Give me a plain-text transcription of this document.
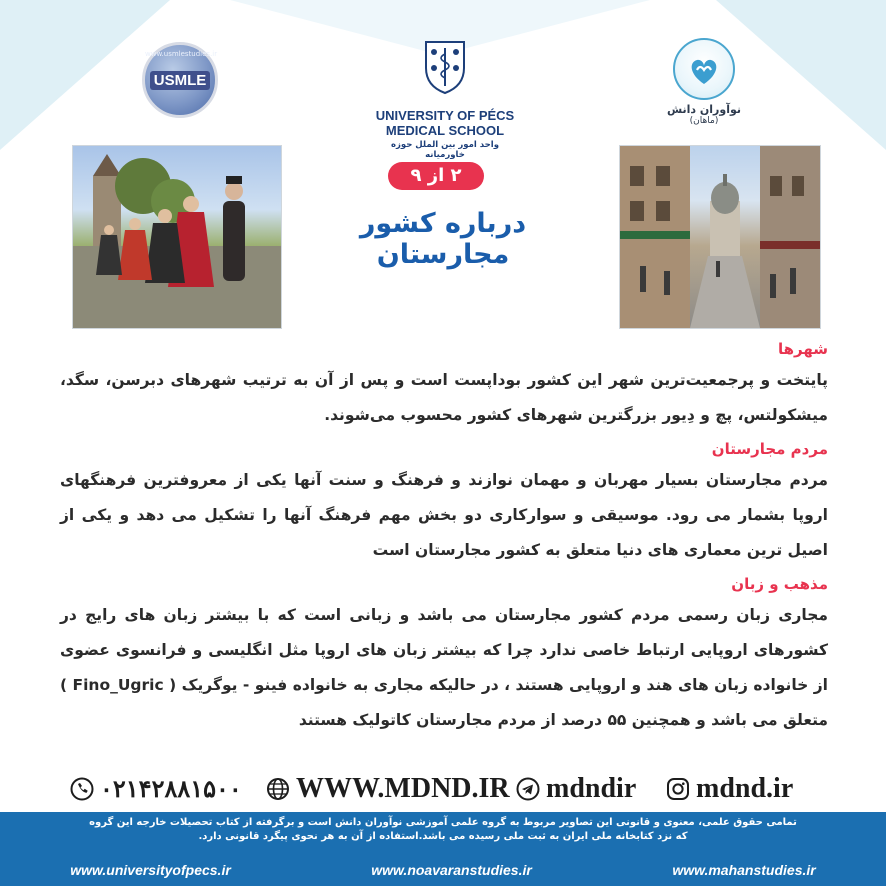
www.usmlestudies.ir
USMLE
UNIVERSITY OF PÉCS
MEDICAL SCHOOL
واحد امور بین الملل حوزه خاورمیانه
نوآوران دانش
(ماهان)
۲ از ۹
درباره کشور مجارستان
شهرها

پایتخت و پرجمعیت‌ترین شهر این کشور بوداپست است و پس از آن به ترتیب شهرهای دبرسن، سگد، میشکولتس، پچ و دِیور بزرگترین شهرهای کشور محسوب می‌شوند.

مردم مجارستان

مردم مجارستان بسیار مهربان و مهمان نوازند و فرهنگ و سنت آنها یکی از معروفترین فرهنگهای اروپا بشمار می رود. موسیقی و سوارکاری دو بخش مهم فرهنگ آنها را تشکیل می دهد و یکی از اصیل ترین معماری های دنیا متعلق به کشور مجارستان است

مذهب و زبان

مجاری زبان رسمی مردم کشور مجارستان می باشد و زبانی است که با بیشتر زبان های رایج در کشورهای اروپایی ارتباط خاصی ندارد چرا که بیشتر زبان های اروپا مثل انگلیسی و فرانسوی عضوی از خانواده زبان های هند و اروپایی هستند ، در حالیکه مجاری به خانواده فینو - یوگریک ( Fino_Ugric ) متعلق می باشد و همچنین ۵۵ درصد از مردم مجارستان کاتولیک هستند

۰۲۱۴۲۸۸۱۵۰۰ WWW.MDND.IR mdndir mdnd.ir
تمامی حقوق علمی، معنوی و قانونی این تصاویر مربوط به گروه علمی آموزشی نوآوران دانش است و برگرفته از کتاب تحصیلات خارجه این گروه
که نزد کتابخانه ملی ایران به ثبت ملی رسیده می باشد.استفاده از آن به هر نحوی پیگرد قانونی دارد.
www.universityofpecs.ir	www.noavaranstudies.ir	www.mahanstudies.ir
